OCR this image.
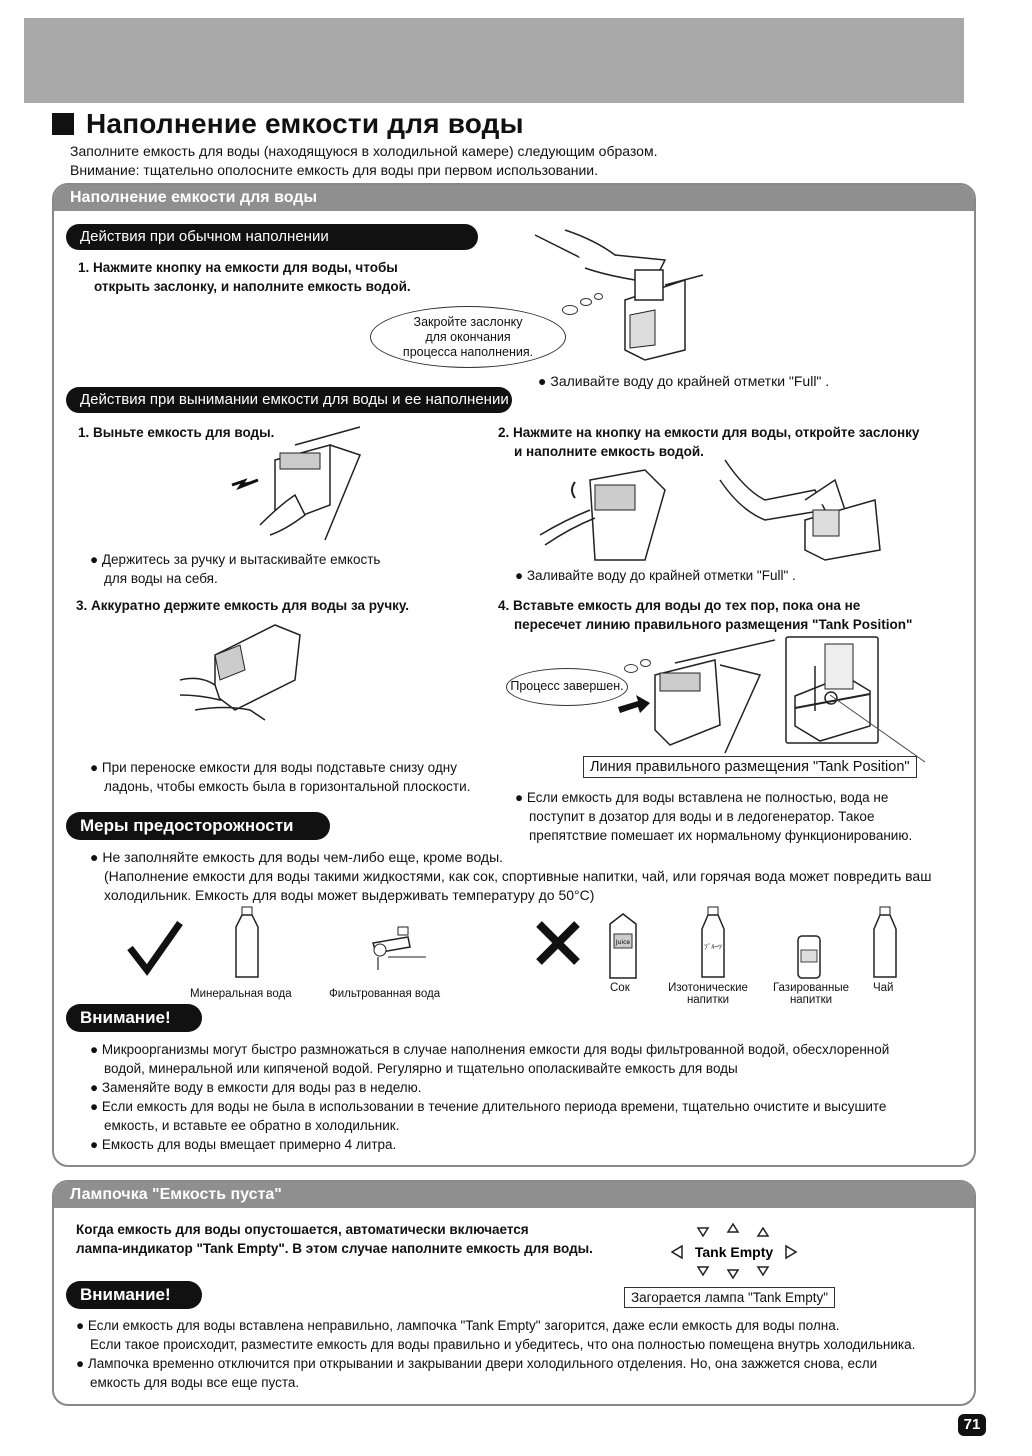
Наполнение емкости для воды
Заполните емкость для воды (находящуюся в холодильной камере) следующим образом.
Внимание: тщательно ополосните емкость для воды при первом использовании.
Наполнение емкости для воды
Действия при обычном наполнении
1. Нажмите кнопку на емкости для воды, чтобы
открыть заслонку, и наполните емкость водой.
Закройте заслонку
для окончания
процесса наполнения.
● Заливайте воду до крайней отметки "Full" .
Действия при вынимании емкости для воды и ее наполнении
1. Выньте емкость для воды.
● Держитесь за ручку и вытаскивайте емкость
для воды на себя.
2. Нажмите на кнопку на емкости для воды, откройте заслонку
и наполните емкость водой.
● Заливайте воду до крайней отметки "Full" .
3. Аккуратно держите емкость для воды за ручку.
● При переноске емкости для воды подставьте снизу одну
ладонь, чтобы емкость была в горизонтальной плоскости.
4. Вставьте емкость для воды до тех пор, пока она не
пересечет линию правильного размещения "Tank Position"
Процесс завершен.
Линия правильного размещения "Tank Position"
● Если емкость для воды вставлена не полностью, вода не
поступит в дозатор для воды и в ледогенератор. Такое
препятствие помешает их нормальному функционированию.
Меры предосторожности
● Не заполняйте емкость для воды чем-либо еще, кроме воды.
(Наполнение емкости для воды такими жидкостями, как сок, спортивные напитки, чай, или горячая вода может повредить ваш
холодильник. Емкость для воды может выдерживать температуру до 50°C)
Минеральная вода	Фильтрованная вода
Juice
ﾌﾟﾙｰﾂ
Сок	Изотонические напитки
Газированные напитки
Чай
Внимание!
● Микроорганизмы могут быстро размножаться в случае наполнения емкости для воды фильтрованной водой, обесхлоренной
водой, минеральной или кипяченой водой. Регулярно и тщательно ополаскивайте емкость для воды
● Заменяйте воду в емкости для воды раз в неделю.
● Если емкость для воды не была в использовании в течение длительного периода времени, тщательно очистите и высушите
емкость, и вставьте ее обратно в холодильник.
● Емкость для воды вмещает примерно 4 литра.
Лампочка "Емкость пуста"
Когда емкость для воды опустошается, автоматически включается
лампа-индикатор "Tank Empty". В этом случае наполните емкость для воды.	Tank Empty
Загорается лампа "Tank Empty"
Внимание!
● Если емкость для воды вставлена неправильно, лампочка "Tank Empty" загорится, даже если емкость для воды полна.
Если такое происходит, разместите емкость для воды правильно и убедитесь, что она полностью помещена внутрь холодильника.
● Лампочка временно отключится при открывании и закрывании двери холодильного отделения. Но, она зажжется снова, если
емкость для воды все еще пуста.
71
